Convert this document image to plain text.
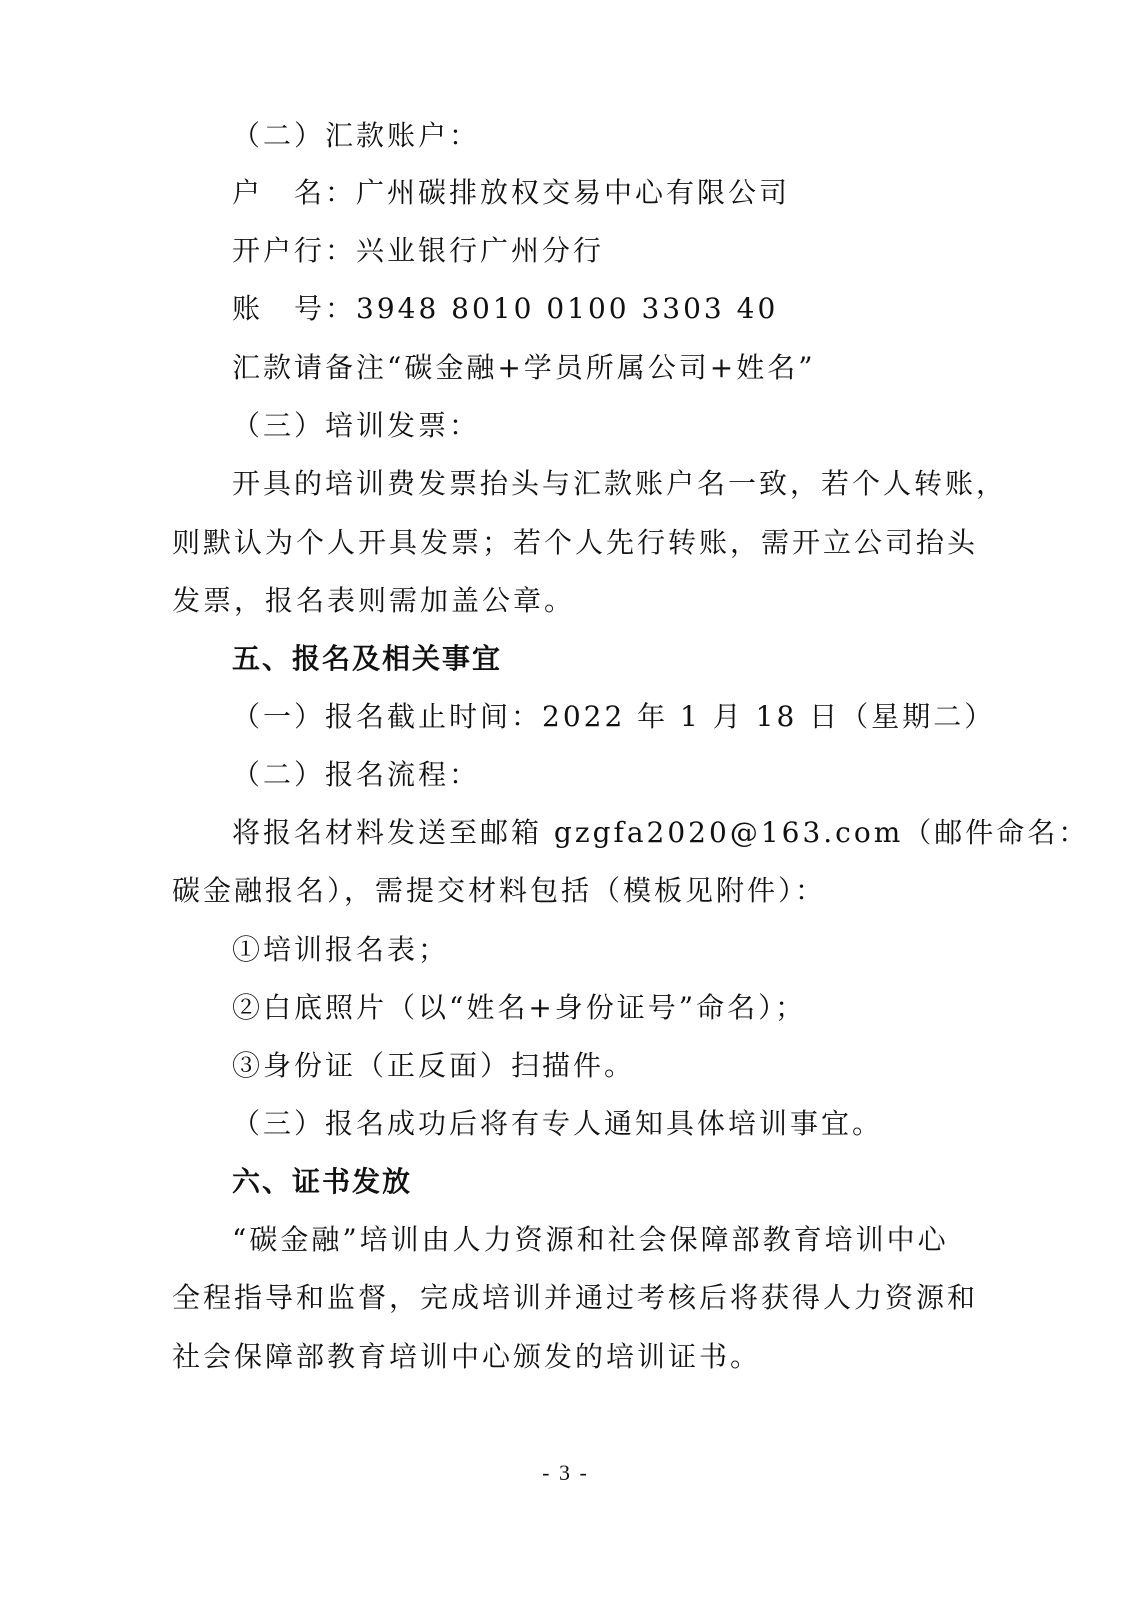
（二）汇款账户：
户　名：广州碳排放权交易中心有限公司
开户行：兴业银行广州分行
账　号：3948 8010 0100 3303 40
汇款请备注“碳金融+学员所属公司+姓名”
（三）培训发票：
开具的培训费发票抬头与汇款账户名一致，若个人转账，
则默认为个人开具发票；若个人先行转账，需开立公司抬头
发票，报名表则需加盖公章。
五、报名及相关事宜
（一）报名截止时间：2022 年 1 月 18 日（星期二）
（二）报名流程：
将报名材料发送至邮箱 gzgfa2020@163.com（邮件命名：
碳金融报名），需提交材料包括（模板见附件）：
①培训报名表；
②白底照片（以“姓名+身份证号”命名）；
③身份证（正反面）扫描件。
（三）报名成功后将有专人通知具体培训事宜。
六、证书发放
“碳金融”培训由人力资源和社会保障部教育培训中心
全程指导和监督，完成培训并通过考核后将获得人力资源和
社会保障部教育培训中心颁发的培训证书。
- 3 -
